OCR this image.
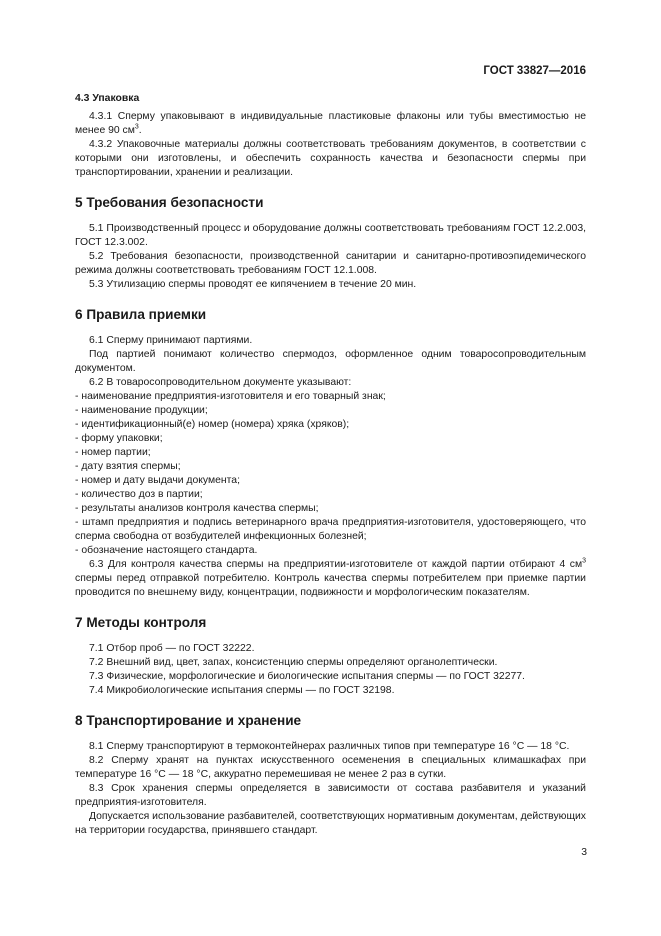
ГОСТ 33827—2016
4.3 Упаковка

4.3.1 Сперму упаковывают в индивидуальные пластиковые флаконы или тубы вместимостью не менее 90 $см^3$.

4.3.2 Упаковочные материалы должны соответствовать требованиям документов, в соответствии с которыми они изготовлены, и обеспечить сохранность качества и безопасности спермы при транспортировании, хранении и реализации.

5 Требования безопасности

5.1 Производственный процесс и оборудование должны соответствовать требованиям ГОСТ 12.2.003, ГОСТ 12.3.002.

5.2 Требования безопасности, производственной санитарии и санитарно-противоэпидемического режима должны соответствовать требованиям ГОСТ 12.1.008.

5.3 Утилизацию спермы проводят ее кипячением в течение 20 мин.

6 Правила приемки

6.1 Сперму принимают партиями.

Под партией понимают количество спермодоз, оформленное одним товаросопроводительным документом.

6.2 В товаросопроводительном документе указывают:

- наименование предприятия-изготовителя и его товарный знак;

- наименование продукции;

- идентификационный(е) номер (номера) хряка (хряков);

- форму упаковки;

- номер партии;

- дату взятия спермы;

- номер и дату выдачи документа;

- количество доз в партии;

- результаты анализов контроля качества спермы;

- штамп предприятия и подпись ветеринарного врача предприятия-изготовителя, удостоверяющего, что сперма свободна от возбудителей инфекционных болезней;

- обозначение настоящего стандарта.

6.3 Для контроля качества спермы на предприятии-изготовителе от каждой партии отбирают 4 $см^3$ спермы перед отправкой потребителю. Контроль качества спермы потребителем при приемке партии проводится по внешнему виду, концентрации, подвижности и морфологическим показателям.

7 Методы контроля

7.1 Отбор проб — по ГОСТ 32222.

7.2 Внешний вид, цвет, запах, консистенцию спермы определяют органолептически.

7.3 Физические, морфологические и биологические испытания спермы — по ГОСТ 32277.

7.4 Микробиологические испытания спермы — по ГОСТ 32198.

8 Транспортирование и хранение

8.1 Сперму транспортируют в термоконтейнерах различных типов при температуре 16 °С — 18 °С.

8.2 Сперму хранят на пунктах искусственного осеменения в специальных климашкафах при температуре 16 °С — 18 °С, аккуратно перемешивая не менее 2 раз в сутки.

8.3 Срок хранения спермы определяется в зависимости от состава разбавителя и указаний предприятия-изготовителя.

Допускается использование разбавителей, соответствующих нормативным документам, действующих на территории государства, принявшего стандарт.

3
